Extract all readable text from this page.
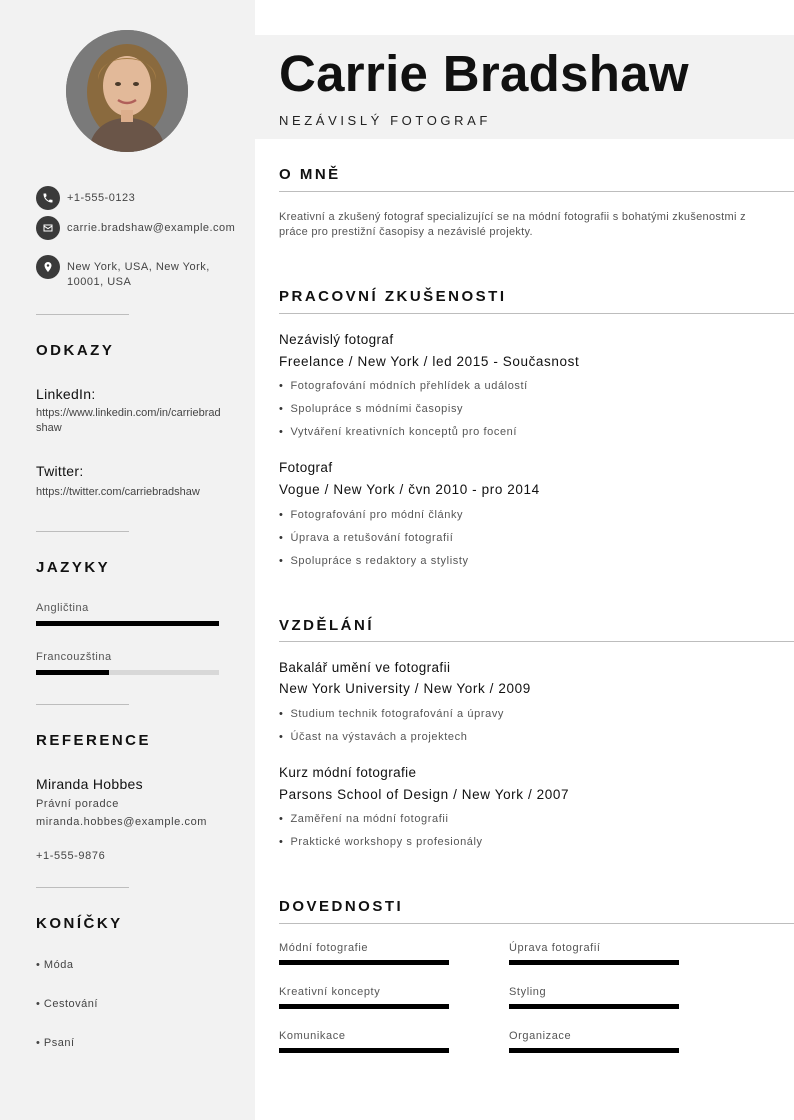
+1-555-0123
carrie.bradshaw@example.com
New York, USA, New York, 10001, USA
ODKAZY
LinkedIn:
https://www.linkedin.com/in/carriebradshaw
Twitter:
https://twitter.com/carriebradshaw
JAZYKY
Angličtina
Francouzština
REFERENCE
Miranda Hobbes
Právní poradce
miranda.hobbes@example.com
+1-555-9876
KONÍČKY
• Móda
• Cestování
• Psaní
Carrie Bradshaw
NEZÁVISLÝ FOTOGRAF
O MNĚ
Kreativní a zkušený fotograf specializující se na módní fotografii s bohatými zkušenostmi z práce pro prestižní časopisy a nezávislé projekty.
PRACOVNÍ ZKUŠENOSTI
Nezávislý fotograf
Freelance / New York / led 2015 - Současnost
• Fotografování módních přehlídek a událostí
• Spolupráce s módními časopisy
• Vytváření kreativních konceptů pro focení
Fotograf
Vogue / New York / čvn 2010 - pro 2014
• Fotografování pro módní články
• Úprava a retušování fotografií
• Spolupráce s redaktory a stylisty
VZDĚLÁNÍ
Bakalář umění ve fotografii
New York University / New York / 2009
• Studium technik fotografování a úpravy
• Účast na výstavách a projektech
Kurz módní fotografie
Parsons School of Design / New York / 2007
• Zaměření na módní fotografii
• Praktické workshopy s profesionály
DOVEDNOSTI
Módní fotografie	Úprava fotografií
Kreativní koncepty	Styling
Komunikace	Organizace
